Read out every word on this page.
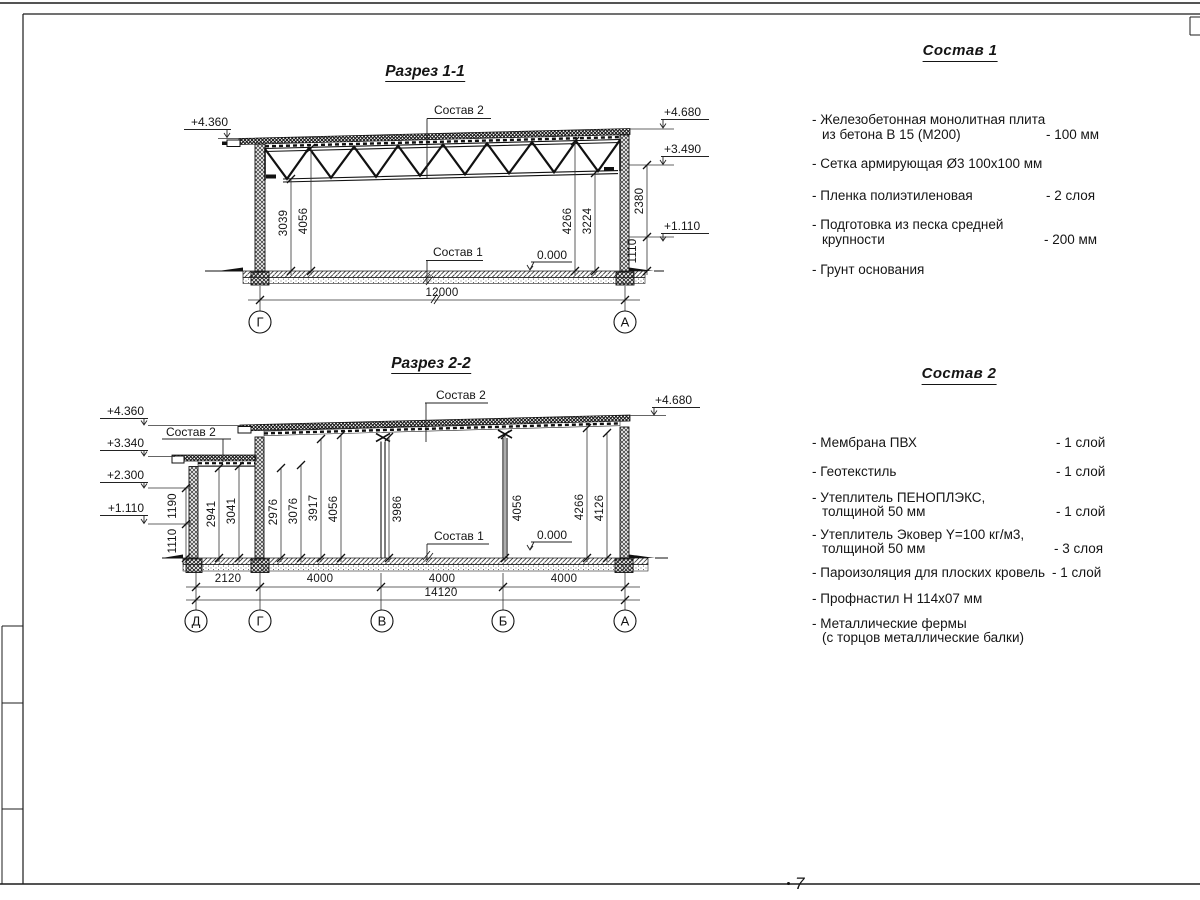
Г	А
Д	Г	В	Б	А
Разрез 1-1
Состав 2
Состав 1	0.000
+4.360
+4.680
+3.490
+1.110
3039 4056	4266 3224
2380
1110
12000
Разрез 2-2
Состав 2
Состав 2
Состав 1	0.000
+4.360
+3.340
+2.300
+1.110
+4.680
1190
1110
2941 3041	2976 3076 3917 4056	3986	4056	4266 4126
2120	4000	4000	4000
14120
Состав 1
- Железобетонная монолитная плита
из бетона В 15 (М200)	- 100 мм
- Сетка армирующая Ø3 100х100 мм
- Пленка полиэтиленовая	- 2 слоя
- Подготовка из песка средней
крупности	- 200 мм
- Грунт основания
Состав 2
- Мембрана ПВХ	- 1 слой
- Геотекстиль	- 1 слой
- Утеплитель ПЕНОПЛЭКС,
толщиной 50 мм	- 1 слой
- Утеплитель Эковер Y=100 кг/м3,
толщиной 50 мм	- 3 слоя
- Пароизоляция для плоских кровель - 1 слой
- Профнастил Н 114х07 мм
- Металлические фермы
(с торцов металлические балки)
7
